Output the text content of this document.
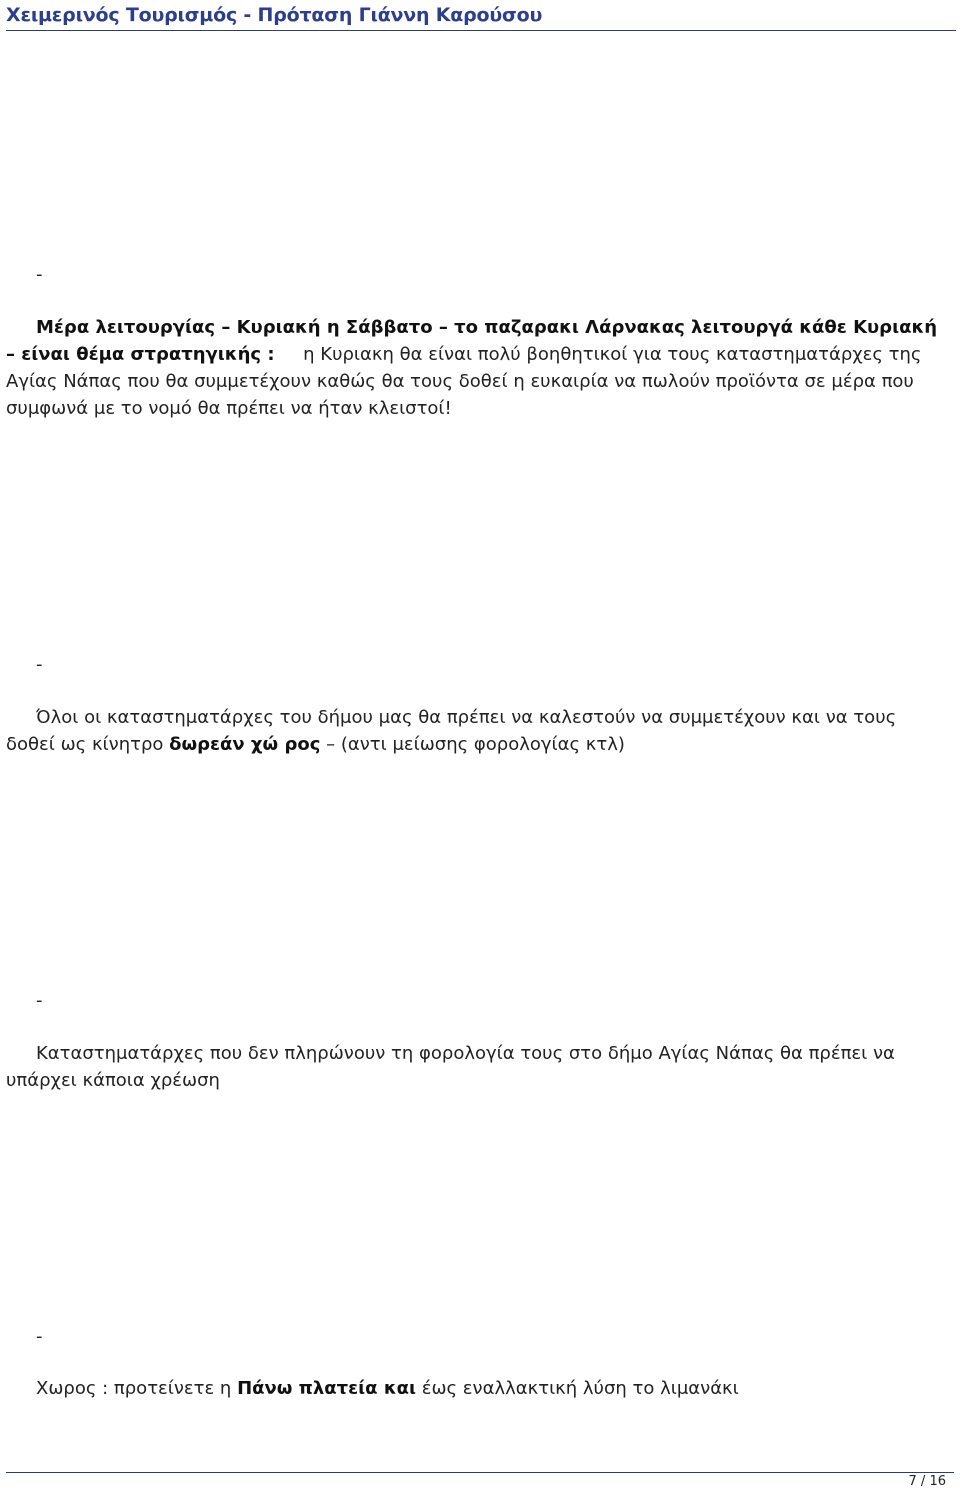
Χειμερινός Τουρισμός - Πρόταση Γιάννη Καρούσου
-

Μέρα λειτουργίας – Κυριακή η Σάββατο – το παζαρακι Λάρνακας λειτουργά κάθε Κυριακή – είναι θέμα στρατηγικής : η Κυριακη θα είναι πολύ βοηθητικοί για τους καταστηματάρχες της Αγίας Νάπας που θα συμμετέχουν καθώς θα τους δοθεί η ευκαιρία να πωλούν προϊόντα σε μέρα που συμφωνά με το νομό θα πρέπει να ήταν κλειστοί!

-

Όλοι οι καταστηματάρχες του δήμου μας θα πρέπει να καλεστούν να συμμετέχουν και να τους δοθεί ως κίνητρο δωρεάν χώ ρος – (αντι μείωσης φορολογίας κτλ)

-

Καταστηματάρχες που δεν πληρώνουν τη φορολογία τους στο δήμο Αγίας Νάπας θα πρέπει να υπάρχει κάποια χρέωση

-

Χωρος : προτείνετε η Πάνω πλατεία και έως εναλλακτική λύση το λιμανάκι

7 / 16
